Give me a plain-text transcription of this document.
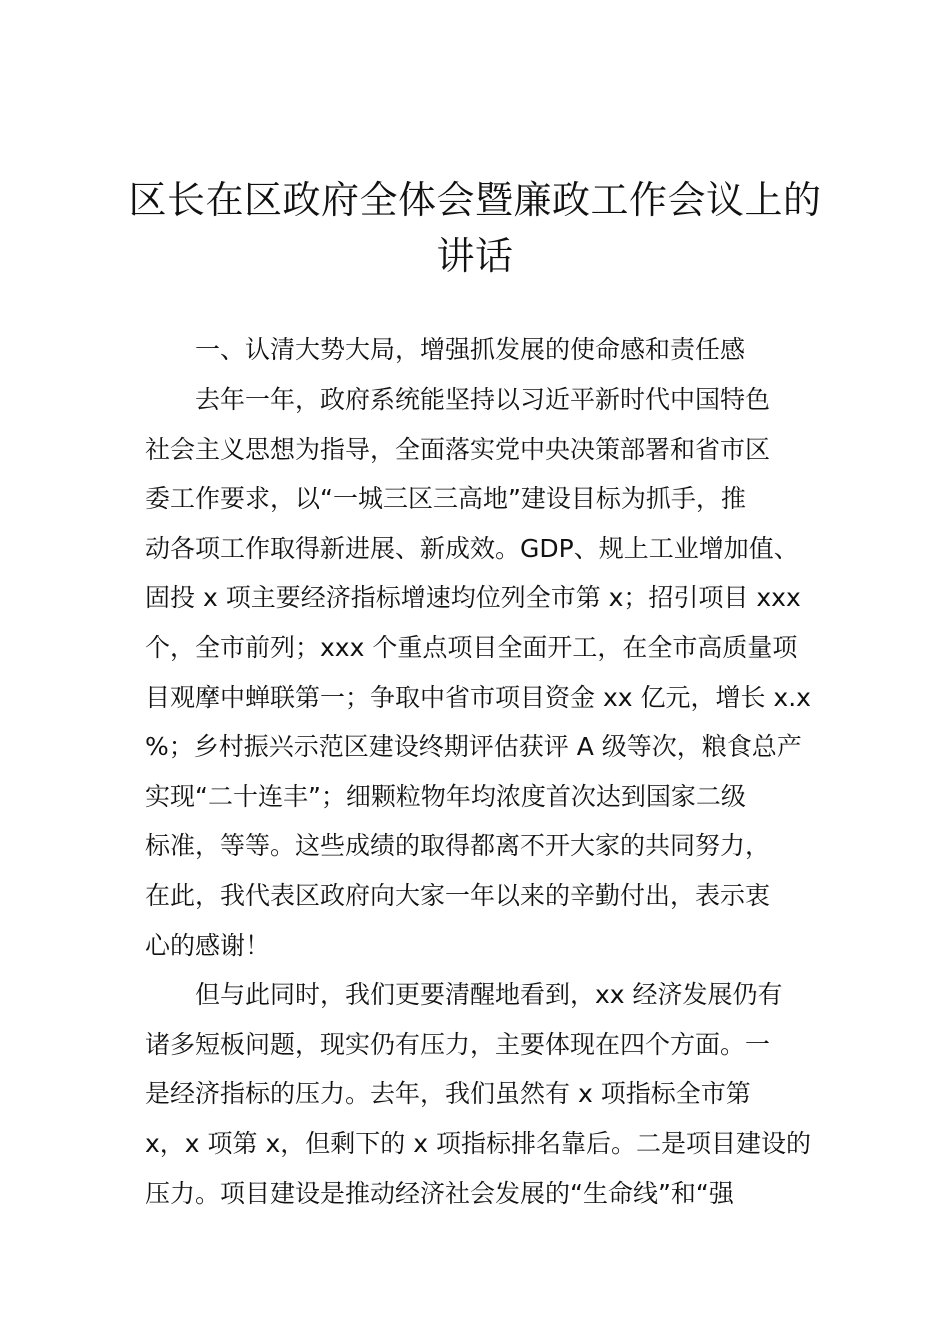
区长在区政府全体会暨廉政工作会议上的
讲话

一、认清大势大局，增强抓发展的使命感和责任感

去年一年，政府系统能坚持以习近平新时代中国特色
社会主义思想为指导，全面落实党中央决策部署和省市区
委工作要求，以“一城三区三高地”建设目标为抓手，推
动各项工作取得新进展、新成效。GDP、规上工业增加值、
固投 x 项主要经济指标增速均位列全市第 x；招引项目 xxx
个，全市前列；xxx 个重点项目全面开工，在全市高质量项
目观摩中蝉联第一；争取中省市项目资金 xx 亿元，增长 x.x
%；乡村振兴示范区建设终期评估获评 A 级等次，粮食总产
实现“二十连丰”；细颗粒物年均浓度首次达到国家二级
标准，等等。这些成绩的取得都离不开大家的共同努力，
在此，我代表区政府向大家一年以来的辛勤付出，表示衷
心的感谢！
但与此同时，我们更要清醒地看到，xx 经济发展仍有
诸多短板问题，现实仍有压力，主要体现在四个方面。一
是经济指标的压力。去年，我们虽然有 x 项指标全市第
x，x 项第 x，但剩下的 x 项指标排名靠后。二是项目建设的
压力。项目建设是推动经济社会发展的“生命线”和“强
